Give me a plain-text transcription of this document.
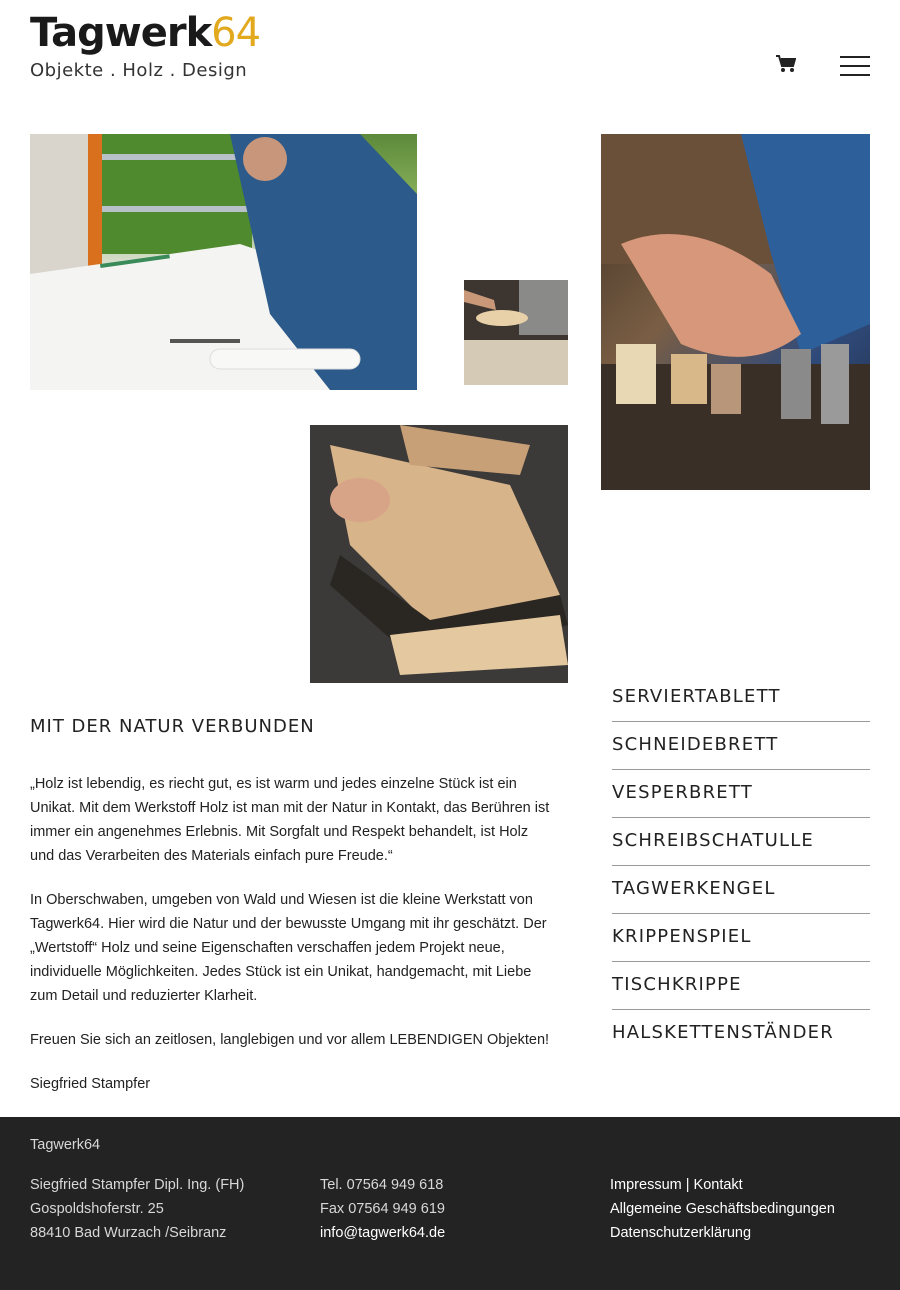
Tagwerk64
Objekte . Holz . Design
MIT DER NATUR VERBUNDEN

„Holz ist lebendig, es riecht gut, es ist warm und jedes einzelne Stück ist ein Unikat. Mit dem Werkstoff Holz ist man mit der Natur in Kontakt, das Berühren ist immer ein angenehmes Erlebnis. Mit Sorgfalt und Respekt behandelt, ist Holz und das Verarbeiten des Materials einfach pure Freude.“

In Oberschwaben, umgeben von Wald und Wiesen ist die kleine Werkstatt von Tagwerk64. Hier wird die Natur und der bewusste Umgang mit ihr geschätzt. Der „Wertstoff“ Holz und seine Eigenschaften verschaffen jedem Projekt neue, individuelle Möglichkeiten. Jedes Stück ist ein Unikat, handgemacht, mit Liebe zum Detail und reduzierter Klarheit.

Freuen Sie sich an zeitlosen, langlebigen und vor allem LEBENDIGEN Objekten!

Siegfried Stampfer

SERVIERTABLETT
SCHNEIDEBRETT
VESPERBRETT
SCHREIBSCHATULLE
TAGWERKENGEL
KRIPPENSPIEL
TISCHKRIPPE
HALSKETTENSTÄNDER
Tagwerk64
Siegfried Stampfer Dipl. Ing. (FH)
Gospoldshoferstr. 25
88410 Bad Wurzach /Seibranz
Tel. 07564 949 618
Fax 07564 949 619
info@tagwerk64.de
Impressum | Kontakt
Allgemeine Geschäftsbedingungen
Datenschutzerklärung
